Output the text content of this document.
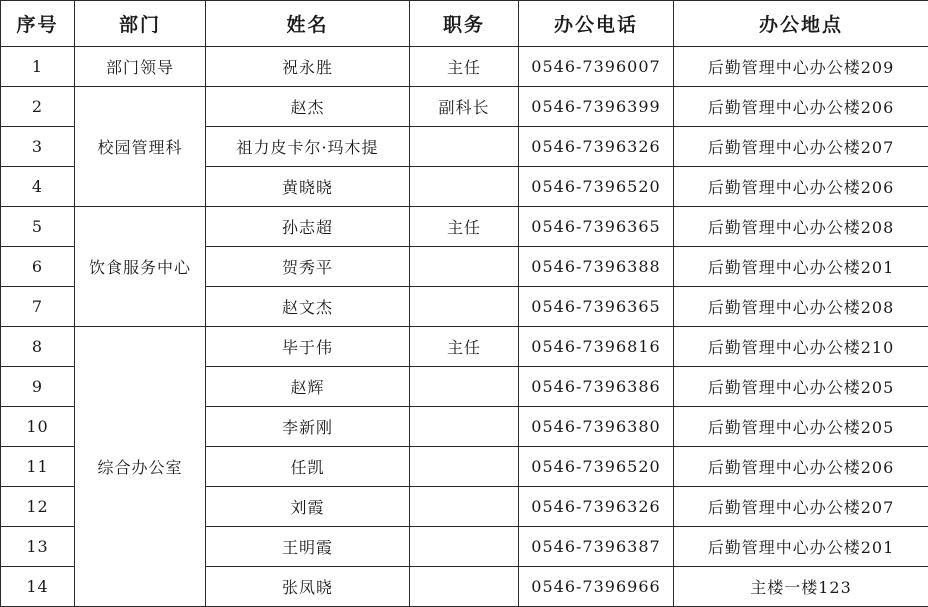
序号	部门	姓名	职务	办公电话	办公地点
1	部门领导	祝永胜	主任	0546-7396007	后勤管理中心办公楼209
2	校园管理科	赵杰	副科长	0546-7396399	后勤管理中心办公楼206
3		祖力皮卡尔·玛木提		0546-7396326	后勤管理中心办公楼207
4		黄晓晓		0546-7396520	后勤管理中心办公楼206
5	饮食服务中心	孙志超	主任	0546-7396365	后勤管理中心办公楼208
6		贺秀平		0546-7396388	后勤管理中心办公楼201
7		赵文杰		0546-7396365	后勤管理中心办公楼208
8	综合办公室	毕于伟	主任	0546-7396816	后勤管理中心办公楼210
9		赵辉		0546-7396386	后勤管理中心办公楼205
10		李新刚		0546-7396380	后勤管理中心办公楼205
11		任凯		0546-7396520	后勤管理中心办公楼206
12		刘霞		0546-7396326	后勤管理中心办公楼207
13		王明霞		0546-7396387	后勤管理中心办公楼201
14		张凤晓		0546-7396966	主楼一楼123
